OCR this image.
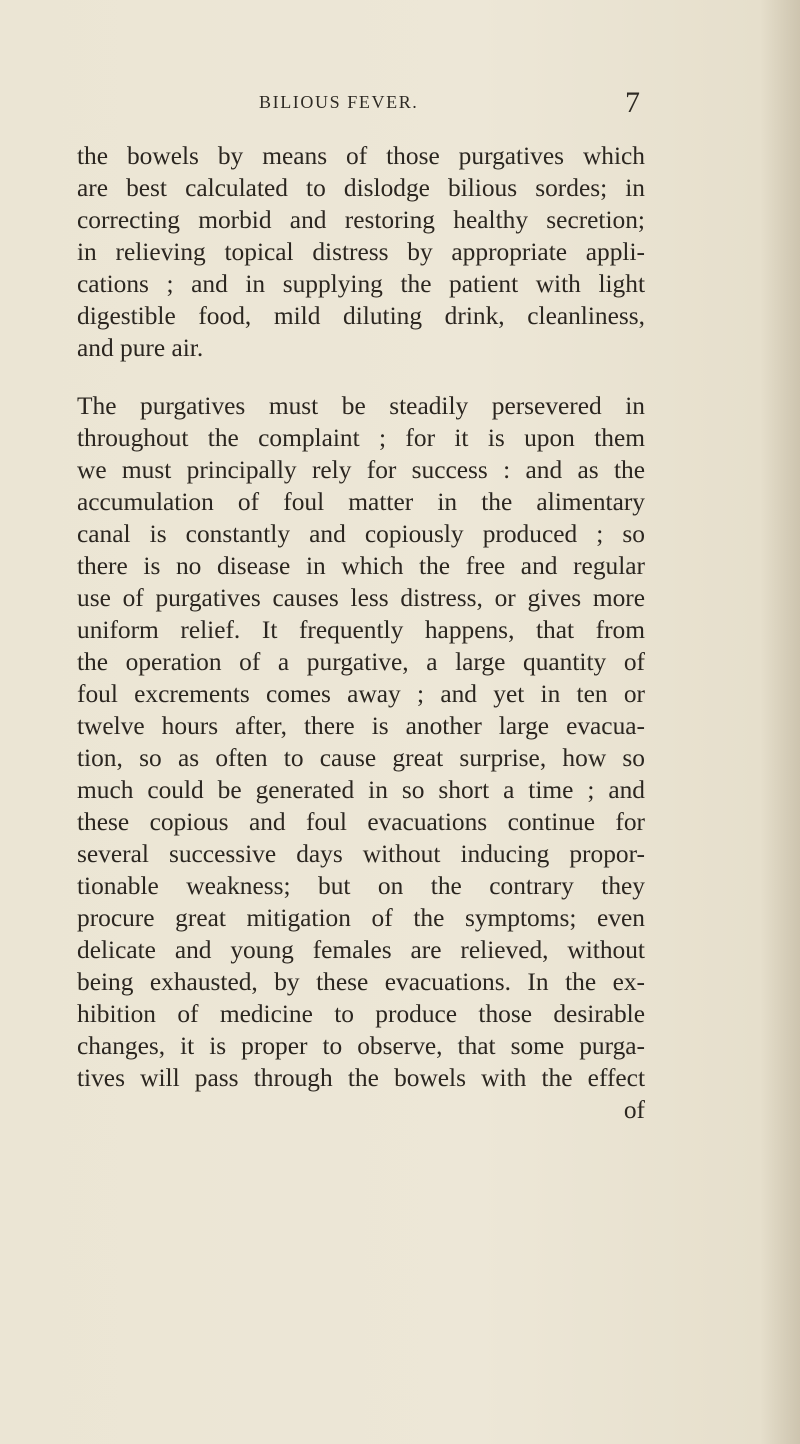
BILIOUS FEVER.	7
the bowels by means of those purgatives which
are best calculated to dislodge bilious sordes; in
correcting morbid and restoring healthy secretion;
in relieving topical distress by appropriate appli-
cations ; and in supplying the patient with light
digestible food, mild diluting drink, cleanliness,
and pure air.
The purgatives must be steadily persevered in
throughout the complaint ; for it is upon them
we must principally rely for success : and as the
accumulation of foul matter in the alimentary
canal is constantly and copiously produced ; so
there is no disease in which the free and regular
use of purgatives causes less distress, or gives more
uniform relief. It frequently happens, that from
the operation of a purgative, a large quantity of
foul excrements comes away ; and yet in ten or
twelve hours after, there is another large evacua-
tion, so as often to cause great surprise, how so
much could be generated in so short a time ; and
these copious and foul evacuations continue for
several successive days without inducing propor-
tionable weakness; but on the contrary they
procure great mitigation of the symptoms; even
delicate and young females are relieved, without
being exhausted, by these evacuations. In the ex-
hibition of medicine to produce those desirable
changes, it is proper to observe, that some purga-
tives will pass through the bowels with the effect
of
